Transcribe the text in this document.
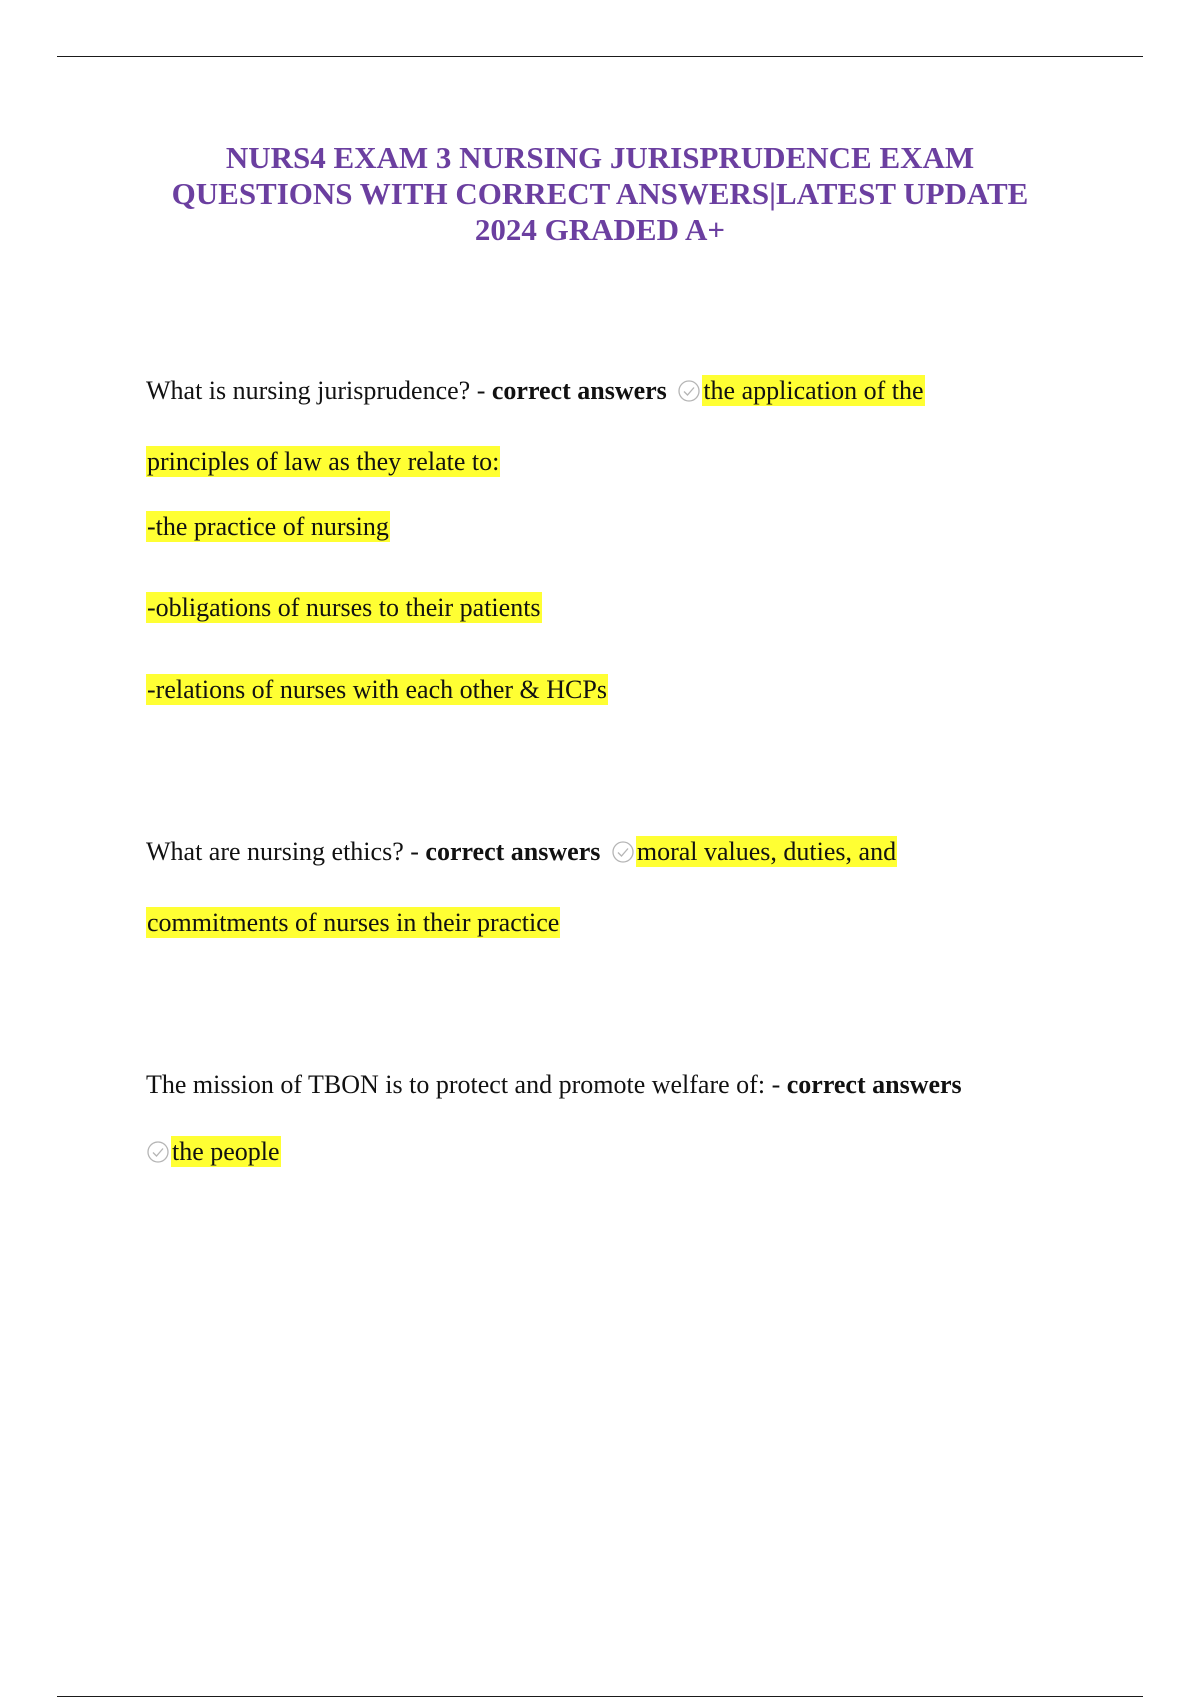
NURS4 EXAM 3 NURSING JURISPRUDENCE EXAM
QUESTIONS WITH CORRECT ANSWERS|LATEST UPDATE
2024 GRADED A+
What is nursing jurisprudence? - correct answers the application of the
principles of law as they relate to:
-the practice of nursing
-obligations of nurses to their patients
-relations of nurses with each other & HCPs
What are nursing ethics? - correct answers moral values, duties, and
commitments of nurses in their practice
The mission of TBON is to protect and promote welfare of: - correct answers
the people
